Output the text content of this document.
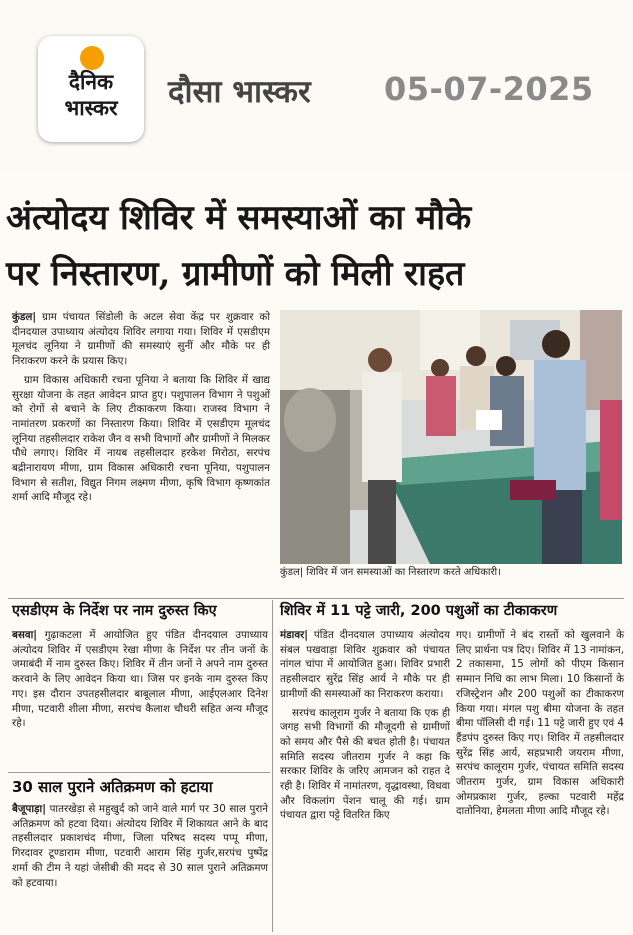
दैनिक
भास्कर	दौसा भास्कर 05-07-2025
अंत्योदय शिविर में समस्याओं का मौके
पर निस्तारण, ग्रामीणों को मिली राहत

कुंडल| ग्राम पंचायत सिंडोली के अटल सेवा केंद्र पर शुक्रवार को दीनदयाल उपाध्याय अंत्योदय शिविर लगाया गया। शिविर में एसडीएम मूलचंद लूनिया ने ग्रामीणों की समस्याएं सुनीं और मौके पर ही निराकरण करने के प्रयास किए।

ग्राम विकास अधिकारी रचना पूनिया ने बताया कि शिविर में खाद्य सुरक्षा योजना के तहत आवेदन प्राप्त हुए। पशुपालन विभाग ने पशुओं को रोगों से बचाने के लिए टीकाकरण किया। राजस्व विभाग ने नामांतरण प्रकरणों का निस्तारण किया। शिविर में एसडीएम मूलचंद लूनिया तहसीलदार राकेश जैन व सभी विभागों और ग्रामीणों ने मिलकर पौधे लगाए। शिविर में नायब तहसीलदार हरकेश मिरोठा, सरपंच बद्रीनारायण मीणा, ग्राम विकास अधिकारी रचना पूनिया, पशुपालन विभाग से सतीश, विद्युत निगम लक्ष्मण मीणा, कृषि विभाग कृष्णकांत शर्मा आदि मौजूद रहे।

कुंडल| शिविर में जन समस्याओं का निस्तारण करते अधिकारी।
एसडीएम के निर्देश पर नाम दुरुस्त किए

बसवा| गुढ़ाकटला में आयोजित हुए पंडित दीनदयाल उपाध्याय अंत्योदय शिविर में एसडीएम रेखा मीणा के निर्देश पर तीन जनों के जमाबंदी में नाम दुरुस्त किए। शिविर में तीन जनों ने अपने नाम दुरुस्त करवाने के लिए आवेदन किया था। जिस पर इनके नाम दुरुस्त किए गए। इस दौरान उपतहसीलदार बाबूलाल मीणा, आईएलआर दिनेश मीणा, पटवारी शीला मीणा, सरपंच कैलाश चौधरी सहित अन्य मौजूद रहे।

30 साल पुराने अतिक्रमण को हटाया

बैजूपाड़ा| पातरखेड़ा से महुखुर्द को जाने वाले मार्ग पर 30 साल पुराने अतिक्रमण को हटवा दिया। अंत्योदय शिविर में शिकायत आने के बाद तहसीलदार प्रकाशचंद मीणा, जिला परिषद सदस्य पप्पू मीणा, गिरदावर टूण्डाराम मीणा, पटवारी आराम सिंह गुर्जर,सरपंच पुष्पेंद्र शर्मा की टीम ने यहां जेसीबी की मदद से 30 साल पुराने अतिक्रमण को हटवाया।

शिविर में 11 पट्टे जारी, 200 पशुओं का टीकाकरण

मंडावर| पंडित दीनदयाल उपाध्याय अंत्योदय संबल पखवाड़ा शिविर शुक्रवार को पंचायत नांगल चांपा में आयोजित हुआ। शिविर प्रभारी तहसीलदार सुरेंद्र सिंह आर्य ने मौके पर ही ग्रामीणों की समस्याओं का निराकरण कराया।

सरपंच कालूराम गुर्जर ने बताया कि एक ही जगह सभी विभागों की मौजूदगी से ग्रामीणों को समय और पैसे की बचत होती है। पंचायत समिति सदस्य जीतराम गुर्जर ने कहा कि सरकार शिविर के जरिए आमजन को राहत दे रही है। शिविर में नामांतरण, वृद्धावस्था, विधवा और विकलांग पेंशन चालू की गई। ग्राम पंचायत द्वारा पट्टे वितरित किए

गए। ग्रामीणों ने बंद रास्तों को खुलवाने के लिए प्रार्थना पत्र दिए। शिविर में 13 नामांकन, 2 तकासमा, 15 लोगों को पीएम किसान सम्मान निधि का लाभ मिला। 10 किसानों के रजिस्ट्रेशन और 200 पशुओं का टीकाकरण किया गया। मंगल पशु बीमा योजना के तहत बीमा पॉलिसी दी गई। 11 पट्टे जारी हुए एवं 4 हैंडपंप दुरुस्त किए गए। शिविर में तहसीलदार सुरेंद्र सिंह आर्य, सहप्रभारी जयराम मीणा, सरपंच कालूराम गुर्जर, पंचायत समिति सदस्य जीतराम गुर्जर, ग्राम विकास अधिकारी ओमप्रकाश गुर्जर, हल्का पटवारी महेंद्र दातोनिया, हेमलता मीणा आदि मौजूद रहे।
